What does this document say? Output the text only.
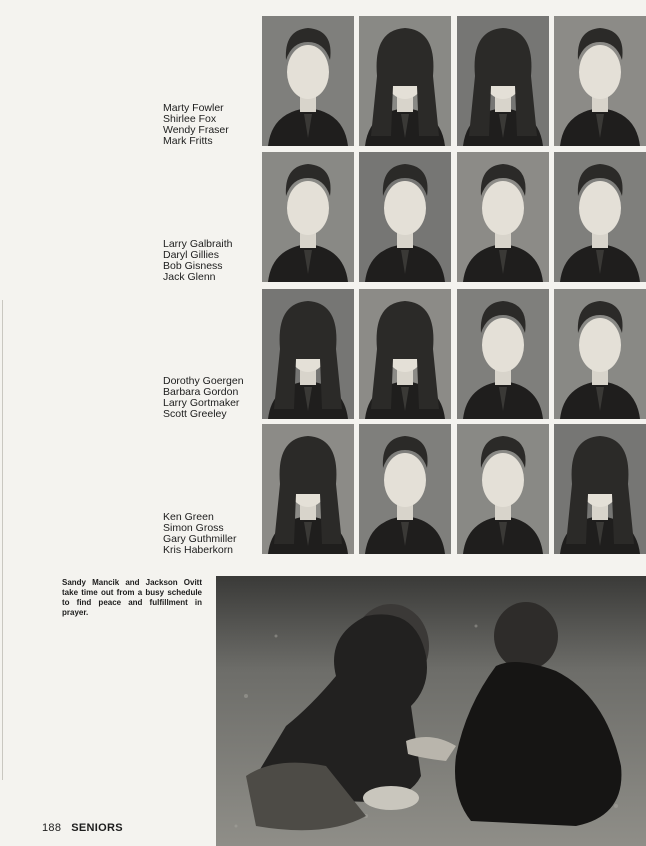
Marty Fowler
Shirlee Fox
Wendy Fraser
Mark Fritts
Larry Galbraith
Daryl Gillies
Bob Gisness
Jack Glenn
Dorothy Goergen
Barbara Gordon
Larry Gortmaker
Scott Greeley
Ken Green
Simon Gross
Gary Guthmiller
Kris Haberkorn
Sandy Mancik and Jackson Ovitt take time out from a busy schedule to find peace and fulfillment in prayer.
188 SENIORS
